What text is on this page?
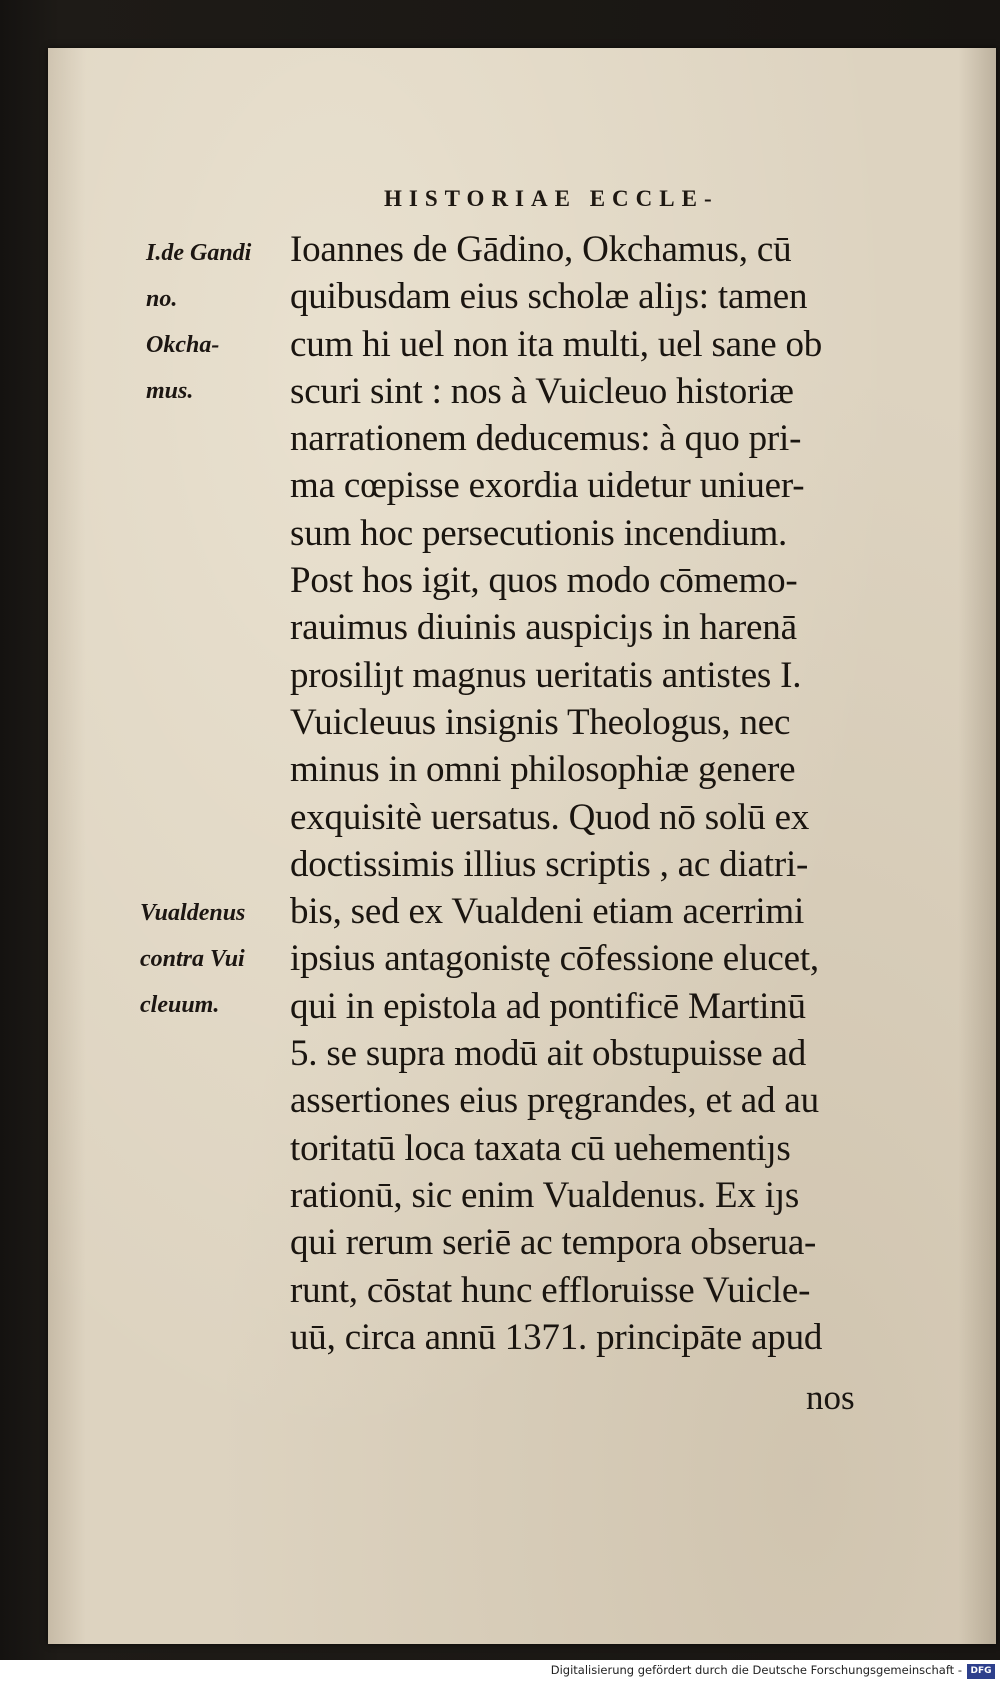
HISTORIAE ECCLE-
I.de Gandi
no.
Okcha-
mus.
Vualdenus
contra Vui
cleuum.
Ioannes de Gādino, Okchamus, cū
quibusdam eius scholæ aliȷs: tamen
cum hi uel non ita multi, uel sane ob
scuri sint : nos à Vuicleuo historiæ
narrationem deducemus: à quo pri-
ma cœpisse exordia uidetur uniuer-
sum hoc persecutionis incendium.
Post hos igit, quos modo cōmemo-
rauimus diuinis auspiciȷs in harenā
prosiliȷt magnus ueritatis antistes I.
Vuicleuus insignis Theologus, nec
minus in omni philosophiæ genere
exquisitè uersatus. Quod nō solū ex
doctissimis illius scriptis , ac diatri-
bis, sed ex Vualdeni etiam acerrimi
ipsius antagonistę cōfessione elucet,
qui in epistola ad pontificē Martinū
5. se supra modū ait obstupuisse ad
assertiones eius pręgrandes, et ad au
toritatū loca taxata cū uehementiȷs
rationū, sic enim Vualdenus. Ex iȷs
qui rerum seriē ac tempora obserua-
runt, cōstat hunc effloruisse Vuicle-
uū, circa annū 1371. principāte apud
nos
Digitalisierung gefördert durch die Deutsche Forschungsgemeinschaft - DFG
